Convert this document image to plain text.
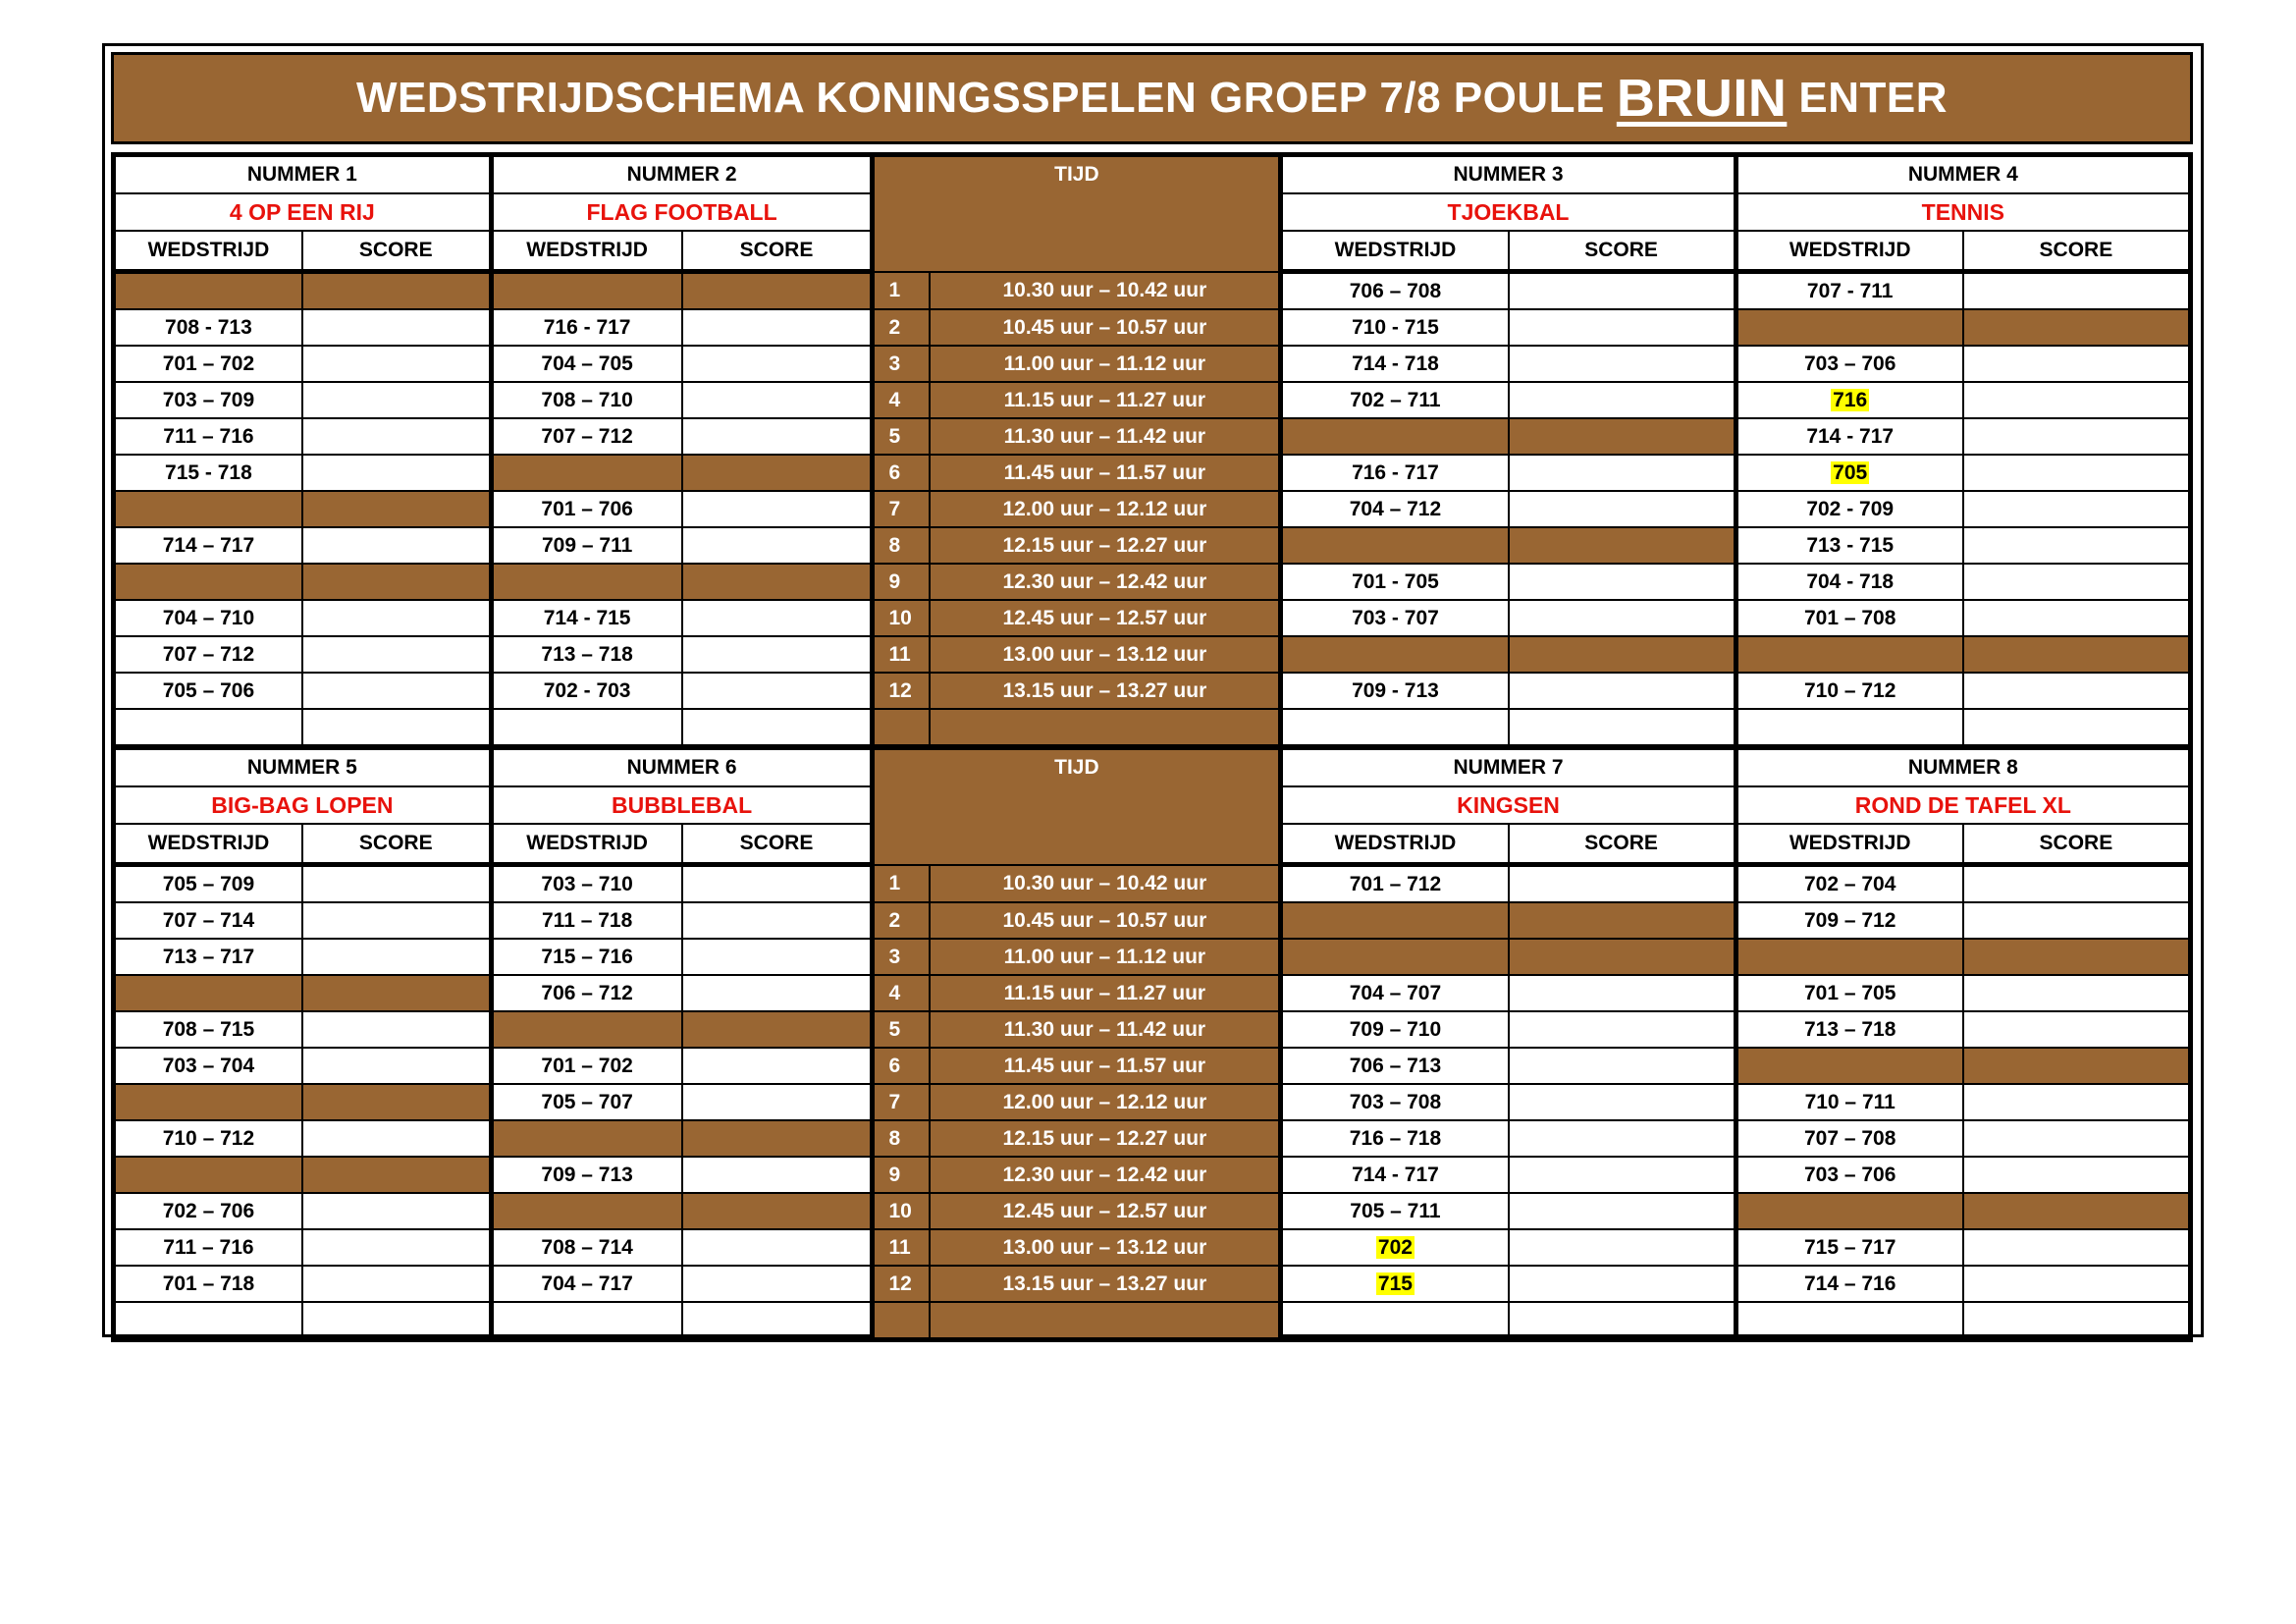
WEDSTRIJDSCHEMA KONINGSSPELEN GROEP 7/8 POULE BRUIN ENTER
NUMMER 1		NUMMER 2		TIJD		NUMMER 3		NUMMER 4	
4 OP EEN RIJ		FLAG FOOTBALL				TJOEKBAL		TENNIS	
WEDSTRIJD	SCORE	WEDSTRIJD	SCORE			WEDSTRIJD	SCORE	WEDSTRIJD	SCORE
				1	10.30 uur – 10.42 uur	706 – 708		707 - 711	
708 - 713		716 - 717		2	10.45 uur – 10.57 uur	710 - 715			
701 – 702		704 – 705		3	11.00 uur – 11.12 uur	714 - 718		703 – 706	
703 – 709		708 – 710		4	11.15 uur – 11.27 uur	702 – 711		716	
711 – 716		707 – 712		5	11.30 uur – 11.42 uur			714 - 717	
715 - 718				6	11.45 uur – 11.57 uur	716 - 717		705	
		701 – 706		7	12.00 uur – 12.12 uur	704 – 712		702 - 709	
714 – 717		709 – 711		8	12.15 uur – 12.27 uur			713 - 715	
				9	12.30 uur – 12.42 uur	701 - 705		704 - 718	
704 – 710		714 - 715		10	12.45 uur – 12.57 uur	703 - 707		701 – 708	
707 – 712		713 – 718		11	13.00 uur – 13.12 uur				
705 – 706		702 - 703		12	13.15 uur – 13.27 uur	709 - 713		710 – 712	

NUMMER 5		NUMMER 6		TIJD		NUMMER 7		NUMMER 8	
BIG-BAG LOPEN		BUBBLEBAL				KINGSEN		ROND DE TAFEL XL	
WEDSTRIJD	SCORE	WEDSTRIJD	SCORE			WEDSTRIJD	SCORE	WEDSTRIJD	SCORE
705 – 709		703 – 710		1	10.30 uur – 10.42 uur	701 – 712		702 – 704	
707 – 714		711 – 718		2	10.45 uur – 10.57 uur			709 – 712	
713 – 717		715 – 716		3	11.00 uur – 11.12 uur				
		706 – 712		4	11.15 uur – 11.27 uur	704 – 707		701 – 705	
708 – 715				5	11.30 uur – 11.42 uur	709 – 710		713 – 718	
703 – 704		701 – 702		6	11.45 uur – 11.57 uur	706 – 713			
		705 – 707		7	12.00 uur – 12.12 uur	703 – 708		710 – 711	
710 – 712				8	12.15 uur – 12.27 uur	716 – 718		707 – 708	
		709 – 713		9	12.30 uur – 12.42 uur	714 - 717		703 – 706	
702 – 706				10	12.45 uur – 12.57 uur	705 – 711			
711 – 716		708 – 714		11	13.00 uur – 13.12 uur	702		715 – 717	
701 – 718		704 – 717		12	13.15 uur – 13.27 uur	715		714 – 716	
